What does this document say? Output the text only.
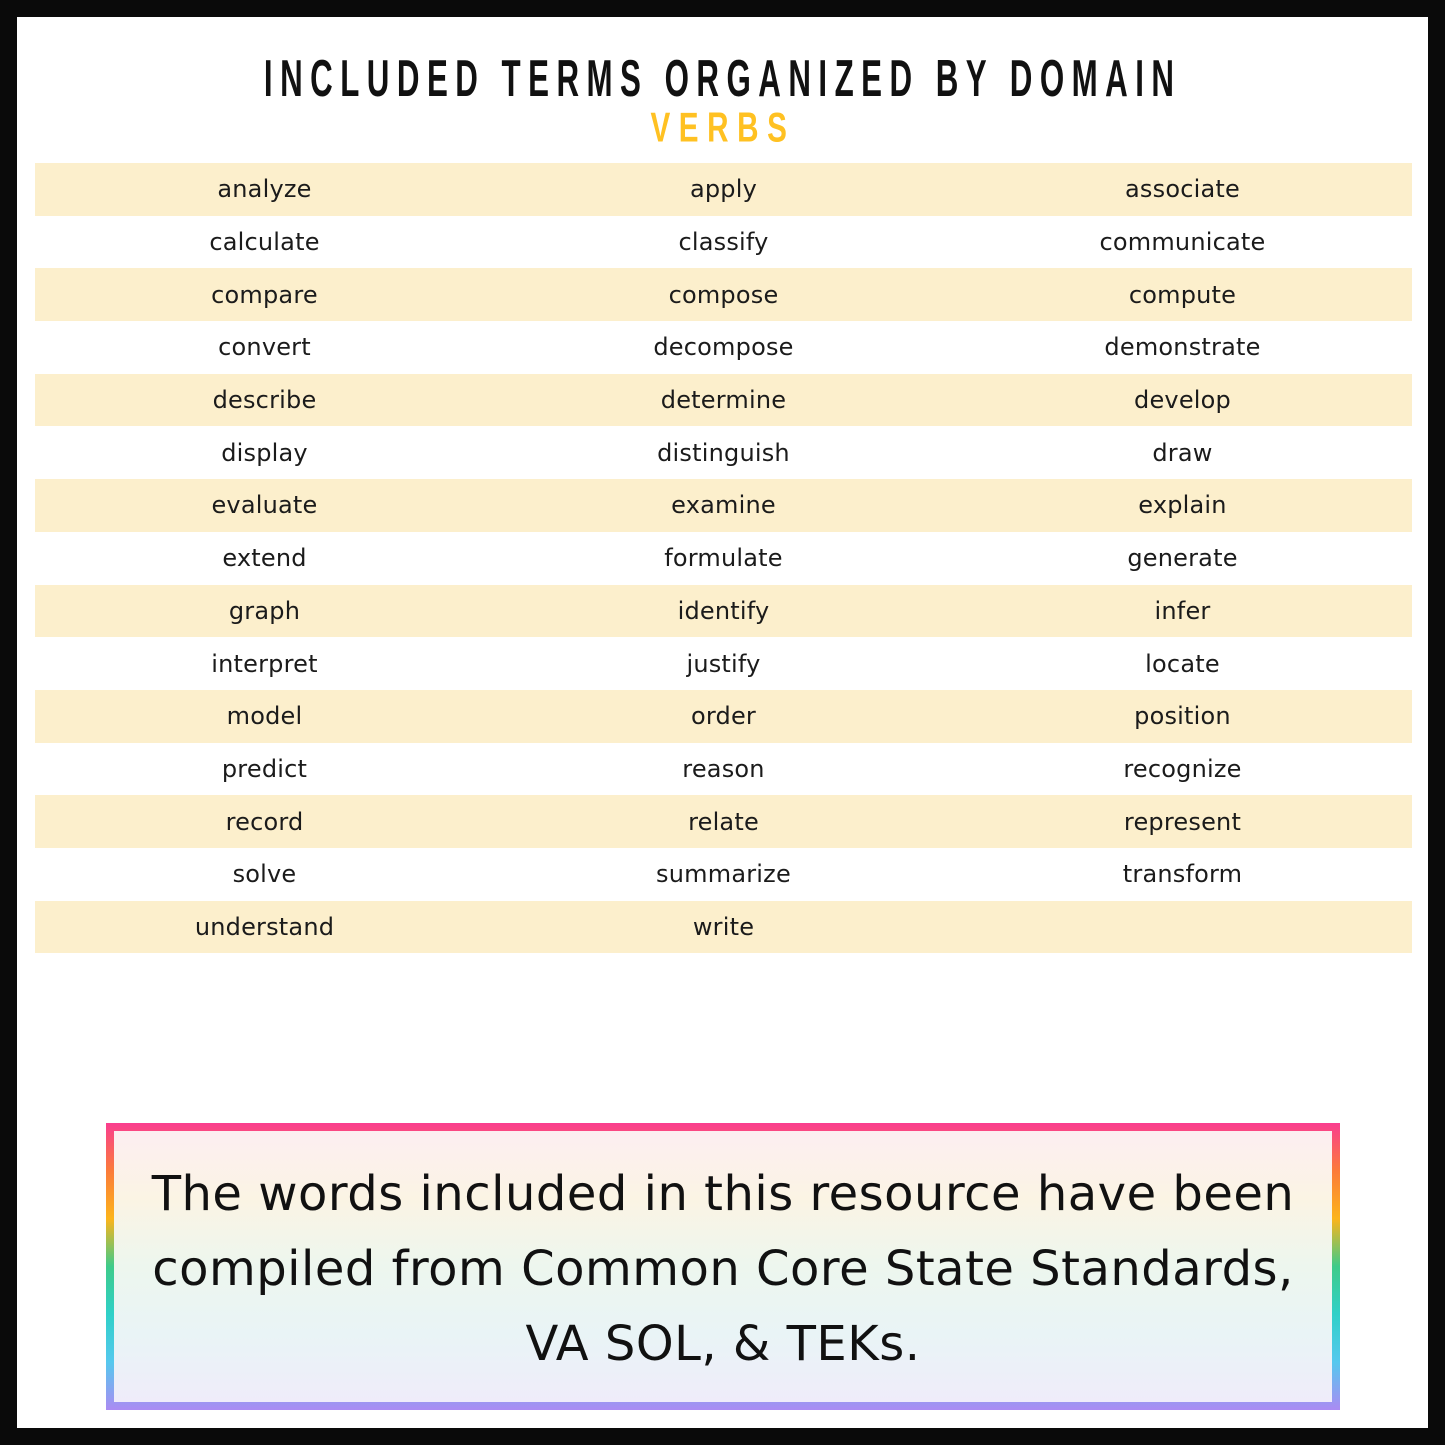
INCLUDED TERMS ORGANIZED BY DOMAIN
VERBS
analyze	apply	associate
calculate	classify	communicate
compare	compose	compute
convert	decompose	demonstrate
describe	determine	develop
display	distinguish	draw
evaluate	examine	explain
extend	formulate	generate
graph	identify	infer
interpret	justify	locate
model	order	position
predict	reason	recognize
record	relate	represent
solve	summarize	transform
understand	write
The words included in this resource have been
compiled from Common Core State Standards,
VA SOL, & TEKs.
